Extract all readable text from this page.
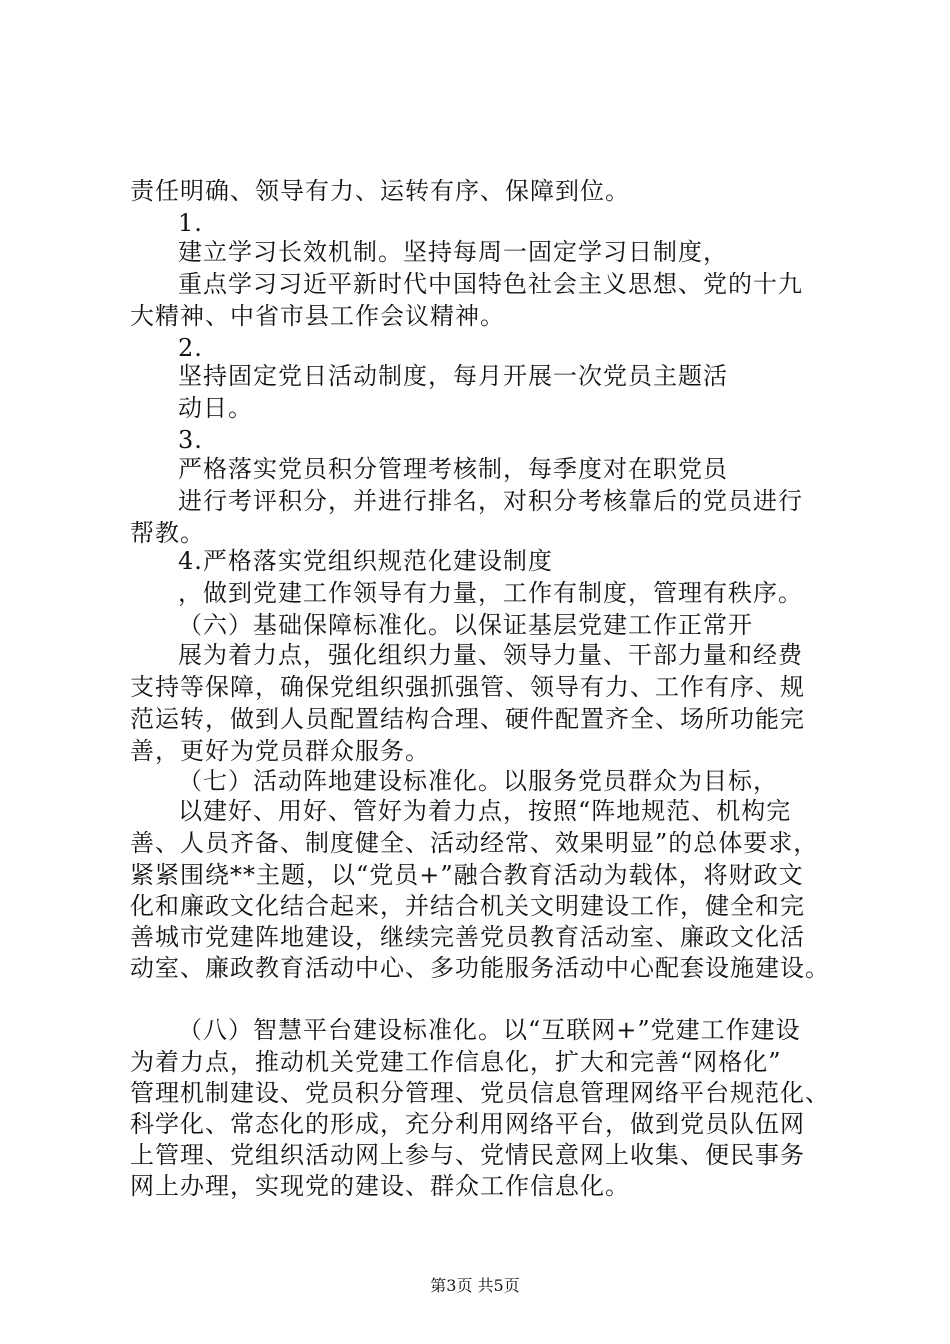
责任明确、领导有力、运转有序、保障到位。
1.
建立学习长效机制。坚持每周一固定学习日制度，
重点学习习近平新时代中国特色社会主义思想、党的十九
大精神、中省市县工作会议精神。
2.
坚持固定党日活动制度，每月开展一次党员主题活
动日。
3.
严格落实党员积分管理考核制，每季度对在职党员
进行考评积分，并进行排名，对积分考核靠后的党员进行
帮教。
4.严格落实党组织规范化建设制度
，做到党建工作领导有力量，工作有制度，管理有秩序。
（六）基础保障标准化。以保证基层党建工作正常开
展为着力点，强化组织力量、领导力量、干部力量和经费
支持等保障，确保党组织强抓强管、领导有力、工作有序、规
范运转，做到人员配置结构合理、硬件配置齐全、场所功能完
善，更好为党员群众服务。
（七）活动阵地建设标准化。以服务党员群众为目标，
以建好、用好、管好为着力点，按照“阵地规范、机构完
善、人员齐备、制度健全、活动经常、效果明显”的总体要求，
紧紧围绕**主题，以“党员+”融合教育活动为载体，将财政文
化和廉政文化结合起来，并结合机关文明建设工作，健全和完
善城市党建阵地建设，继续完善党员教育活动室、廉政文化活
动室、廉政教育活动中心、多功能服务活动中心配套设施建设。
（八）智慧平台建设标准化。以“互联网+”党建工作建设
为着力点，推动机关党建工作信息化，扩大和完善“网格化”
管理机制建设、党员积分管理、党员信息管理网络平台规范化、
科学化、常态化的形成，充分利用网络平台，做到党员队伍网
上管理、党组织活动网上参与、党情民意网上收集、便民事务
网上办理，实现党的建设、群众工作信息化。
第3页 共5页
